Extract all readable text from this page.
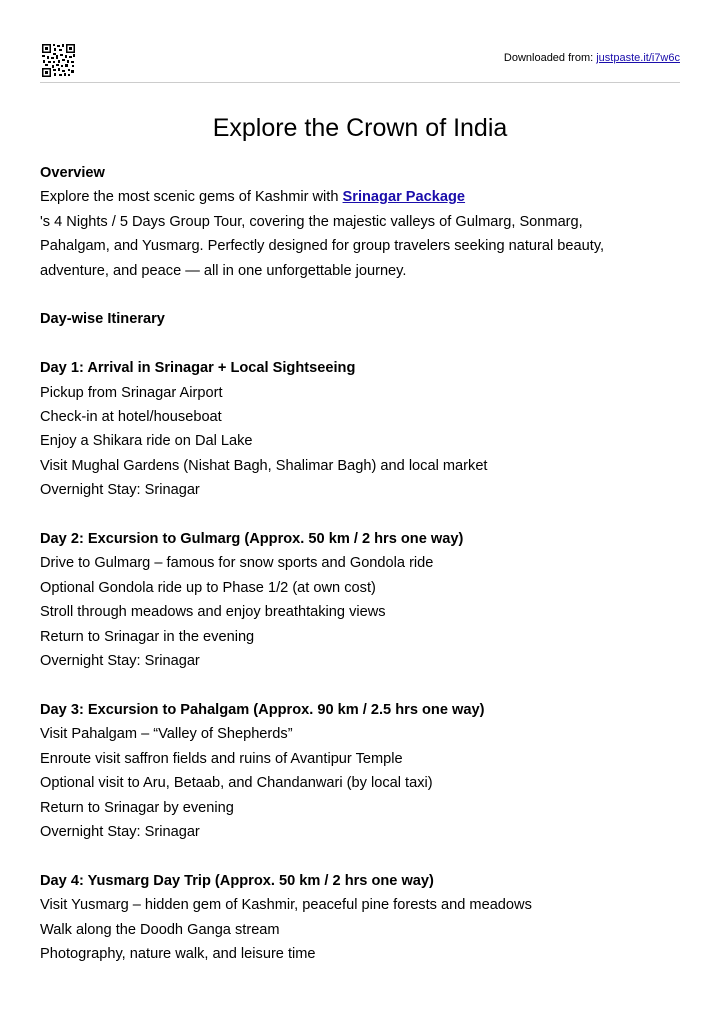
Downloaded from: justpaste.it/i7w6c
Explore the Crown of India
Overview
Explore the most scenic gems of Kashmir with Srinagar Package
's 4 Nights / 5 Days Group Tour, covering the majestic valleys of Gulmarg, Sonmarg,
Pahalgam, and Yusmarg. Perfectly designed for group travelers seeking natural beauty,
adventure, and peace — all in one unforgettable journey.
Day-wise Itinerary
Day 1: Arrival in Srinagar + Local Sightseeing
Pickup from Srinagar Airport
Check-in at hotel/houseboat
Enjoy a Shikara ride on Dal Lake
Visit Mughal Gardens (Nishat Bagh, Shalimar Bagh) and local market
Overnight Stay: Srinagar
Day 2: Excursion to Gulmarg (Approx. 50 km / 2 hrs one way)
Drive to Gulmarg – famous for snow sports and Gondola ride
Optional Gondola ride up to Phase 1/2 (at own cost)
Stroll through meadows and enjoy breathtaking views
Return to Srinagar in the evening
Overnight Stay: Srinagar
Day 3: Excursion to Pahalgam (Approx. 90 km / 2.5 hrs one way)
Visit Pahalgam – “Valley of Shepherds”
Enroute visit saffron fields and ruins of Avantipur Temple
Optional visit to Aru, Betaab, and Chandanwari (by local taxi)
Return to Srinagar by evening
Overnight Stay: Srinagar
Day 4: Yusmarg Day Trip (Approx. 50 km / 2 hrs one way)
Visit Yusmarg – hidden gem of Kashmir, peaceful pine forests and meadows
Walk along the Doodh Ganga stream
Photography, nature walk, and leisure time
